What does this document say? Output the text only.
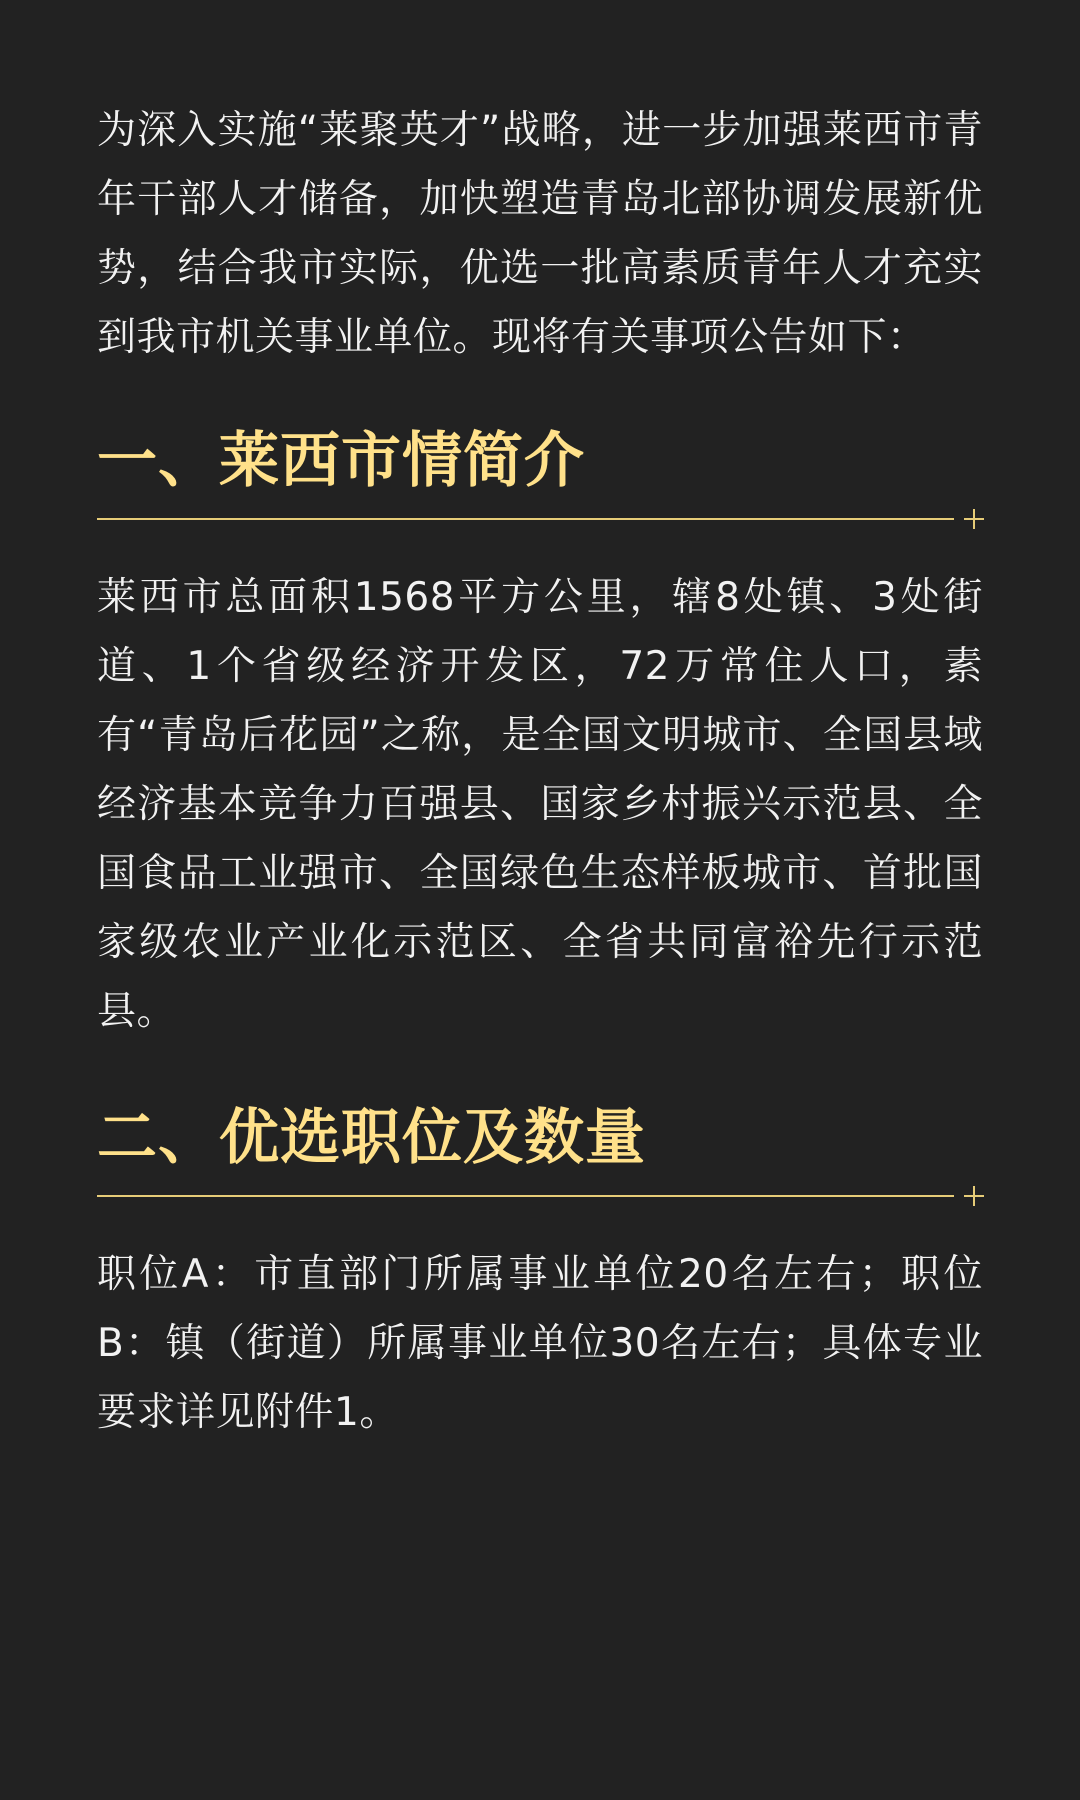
为深入实施“莱聚英才”战略，进一步加强莱西市青年干部人才储备，加快塑造青岛北部协调发展新优势，结合我市实际，优选一批高素质青年人才充实到我市机关事业单位。现将有关事项公告如下：

一、莱西市情简介

莱西市总面积1568平方公里，辖8处镇、3处街道、1个省级经济开发区，72万常住人口，素有“青岛后花园”之称，是全国文明城市、全国县域经济基本竞争力百强县、国家乡村振兴示范县、全国食品工业强市、全国绿色生态样板城市、首批国家级农业产业化示范区、全省共同富裕先行示范县。

二、优选职位及数量

职位A：市直部门所属事业单位20名左右；职位B：镇（街道）所属事业单位30名左右；具体专业要求详见附件1。
